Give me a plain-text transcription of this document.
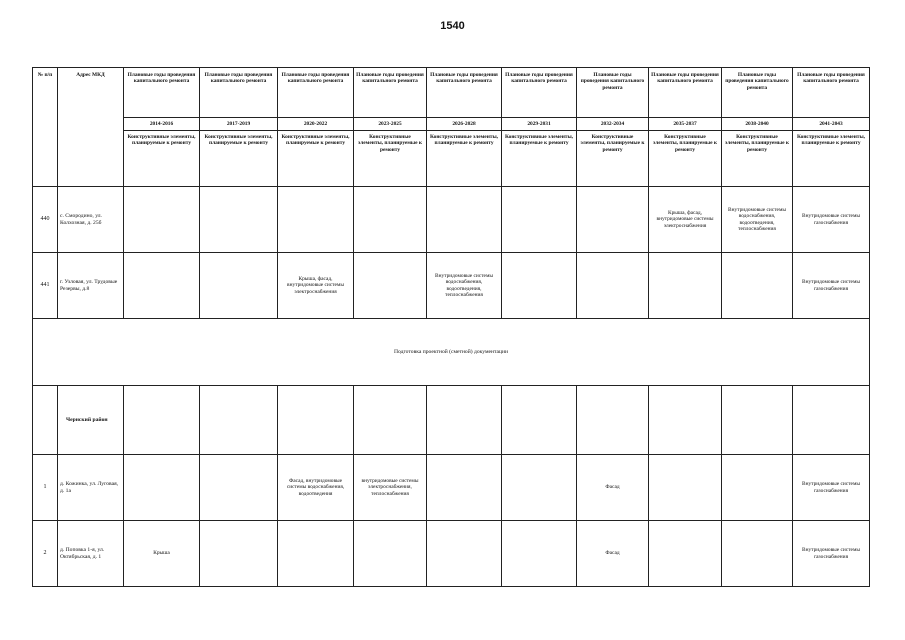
1540
№ п/п	Адрес МКД	Плановые годы проведения капитального ремонта	Плановые годы проведения капитального ремонта	Плановые годы проведения капитального ремонта	Плановые годы проведения капитального ремонта	Плановые годы проведения капитального ремонта	Плановые годы проведения капитального ремонта	Плановые годы проведения капитального ремонта	Плановые годы проведения капитального ремонта	Плановые годы проведения капитального ремонта	Плановые годы проведения капитального ремонта
		2014-2016	2017-2019	2020-2022	2023-2025	2026-2028	2029-2031	2032-2034	2035-2037	2038-2040	2041-2043
		Конструктивные элементы, планируемые к ремонту	Конструктивные элементы, планируемые к ремонту	Конструктивные элементы, планируемые к ремонту	Конструктивные элементы, планируемые к ремонту	Конструктивные элементы, планируемые к ремонту	Конструктивные элементы, планируемые к ремонту	Конструктивные элементы, планируемые к ремонту	Конструктивные элементы, планируемые к ремонту	Конструктивные элементы, планируемые к ремонту	Конструктивные элементы, планируемые к ремонту
440	с. Смородино, ул. Колхозная, д. 25б								Крыша, фасад, внутридомовые системы электроснабжения	Внутридомовые системы водоснабжения, водоотведения, теплоснабжения	Внутридомовые системы газоснабжения
441	г. Узловая, ул. Трудовые Резервы, д.8			Крыша, фасад, внутридомовые системы электроснабжения		Внутридомовые системы водоснабжения, водоотведения, теплоснабжения					Внутридомовые системы газоснабжения
Подготовка проектной (сметной) документации											
	Чернский район										
1	д. Кожинка, ул. Луговая, д. 1а			Фасад, внутридомовые системы водоснабжения, водоотведения	внутридомовые системы электроснабжения, теплоснабжения			Фасад			Внутридомовые системы газоснабжения
2	д. Поповка 1-я, ул. Октябрьская, д. 1	Крыша						Фасад			Внутридомовые системы газоснабжения
